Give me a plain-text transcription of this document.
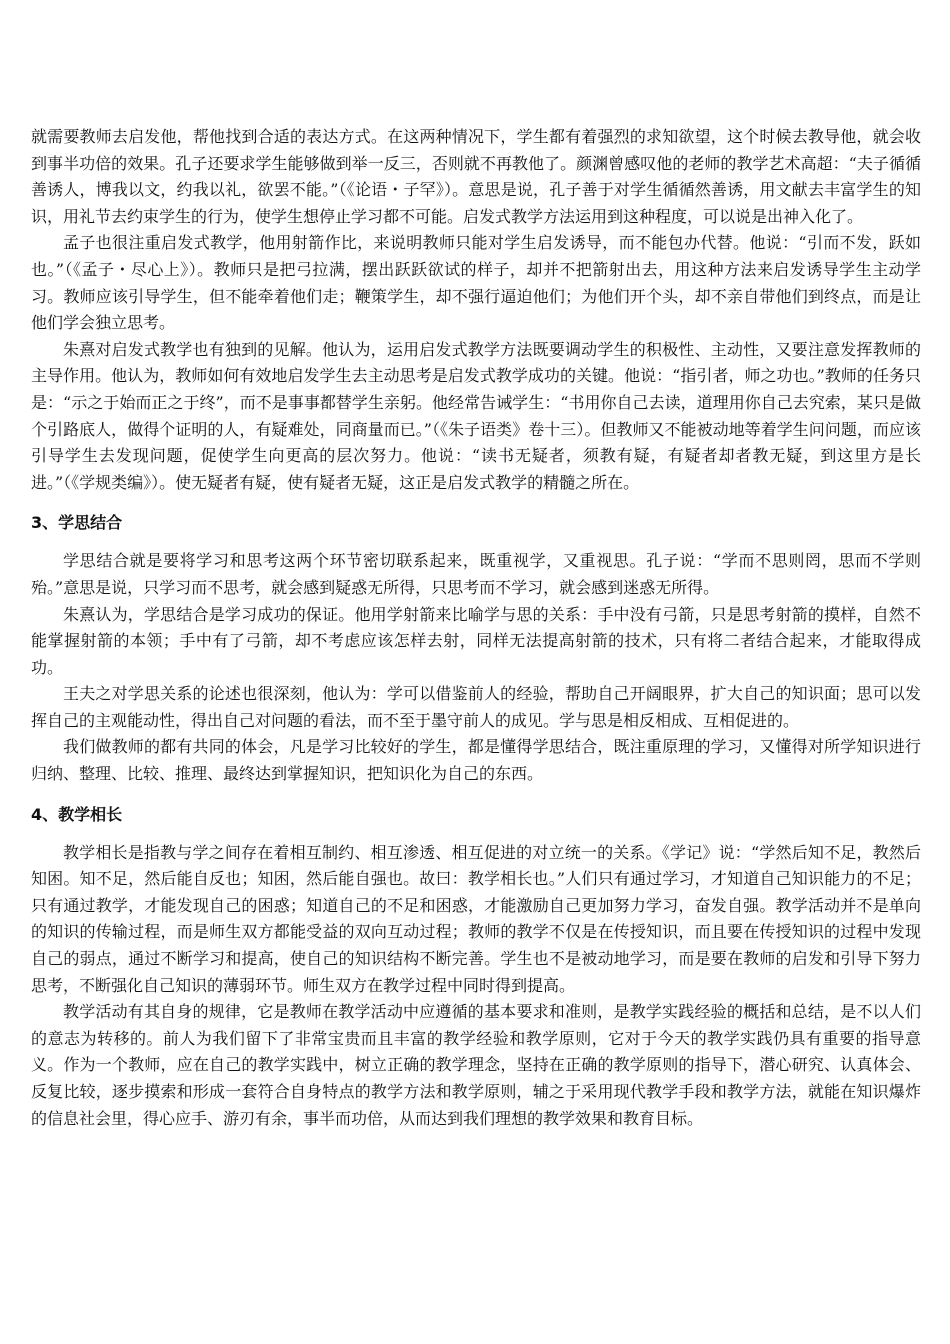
就需要教师去启发他，帮他找到合适的表达方式。在这两种情况下，学生都有着强烈的求知欲望，这个时候去教导他，就会收到事半功倍的效果。孔子还要求学生能够做到举一反三，否则就不再教他了。颜渊曾感叹他的老师的教学艺术高超：“夫子循循善诱人，博我以文，约我以礼，欲罢不能。”（《论语・子罕》）。意思是说，孔子善于对学生循循然善诱，用文献去丰富学生的知识，用礼节去约束学生的行为，使学生想停止学习都不可能。启发式教学方法运用到这种程度，可以说是出神入化了。

孟子也很注重启发式教学，他用射箭作比，来说明教师只能对学生启发诱导，而不能包办代替。他说：“引而不发，跃如也。”（《孟子・尽心上》）。教师只是把弓拉满，摆出跃跃欲试的样子，却并不把箭射出去，用这种方法来启发诱导学生主动学习。教师应该引导学生，但不能牵着他们走；鞭策学生，却不强行逼迫他们；为他们开个头，却不亲自带他们到终点，而是让他们学会独立思考。

朱熹对启发式教学也有独到的见解。他认为，运用启发式教学方法既要调动学生的积极性、主动性，又要注意发挥教师的主导作用。他认为，教师如何有效地启发学生去主动思考是启发式教学成功的关键。他说：“指引者，师之功也。”教师的任务只是：“示之于始而正之于终”，而不是事事都替学生亲躬。他经常告诫学生：“书用你自己去读，道理用你自己去究索，某只是做个引路底人，做得个证明的人，有疑难处，同商量而已。”（《朱子语类》卷十三）。但教师又不能被动地等着学生问问题，而应该引导学生去发现问题，促使学生向更高的层次努力。他说：“读书无疑者，须教有疑，有疑者却者教无疑，到这里方是长进。”（《学规类编》）。使无疑者有疑，使有疑者无疑，这正是启发式教学的精髓之所在。

3、学思结合

学思结合就是要将学习和思考这两个环节密切联系起来，既重视学，又重视思。孔子说：“学而不思则罔，思而不学则殆。”意思是说，只学习而不思考，就会感到疑惑无所得，只思考而不学习，就会感到迷惑无所得。

朱熹认为，学思结合是学习成功的保证。他用学射箭来比喻学与思的关系：手中没有弓箭，只是思考射箭的摸样，自然不能掌握射箭的本领；手中有了弓箭，却不考虑应该怎样去射，同样无法提高射箭的技术，只有将二者结合起来，才能取得成功。

王夫之对学思关系的论述也很深刻，他认为：学可以借鉴前人的经验，帮助自己开阔眼界，扩大自己的知识面；思可以发挥自己的主观能动性，得出自己对问题的看法，而不至于墨守前人的成见。学与思是相反相成、互相促进的。

我们做教师的都有共同的体会，凡是学习比较好的学生，都是懂得学思结合，既注重原理的学习，又懂得对所学知识进行归纳、整理、比较、推理、最终达到掌握知识，把知识化为自己的东西。

4、教学相长

教学相长是指教与学之间存在着相互制约、相互渗透、相互促进的对立统一的关系。《学记》说：“学然后知不足，教然后知困。知不足，然后能自反也；知困，然后能自强也。故曰：教学相长也。”人们只有通过学习，才知道自己知识能力的不足；只有通过教学，才能发现自己的困惑；知道自己的不足和困惑，才能激励自己更加努力学习，奋发自强。教学活动并不是单向的知识的传输过程，而是师生双方都能受益的双向互动过程；教师的教学不仅是在传授知识，而且要在传授知识的过程中发现自己的弱点，通过不断学习和提高，使自己的知识结构不断完善。学生也不是被动地学习，而是要在教师的启发和引导下努力思考，不断强化自己知识的薄弱环节。师生双方在教学过程中同时得到提高。

教学活动有其自身的规律，它是教师在教学活动中应遵循的基本要求和准则，是教学实践经验的概括和总结，是不以人们的意志为转移的。前人为我们留下了非常宝贵而且丰富的教学经验和教学原则，它对于今天的教学实践仍具有重要的指导意义。作为一个教师，应在自己的教学实践中，树立正确的教学理念，坚持在正确的教学原则的指导下，潜心研究、认真体会、反复比较，逐步摸索和形成一套符合自身特点的教学方法和教学原则，辅之于采用现代教学手段和教学方法，就能在知识爆炸的信息社会里，得心应手、游刃有余，事半而功倍，从而达到我们理想的教学效果和教育目标。
